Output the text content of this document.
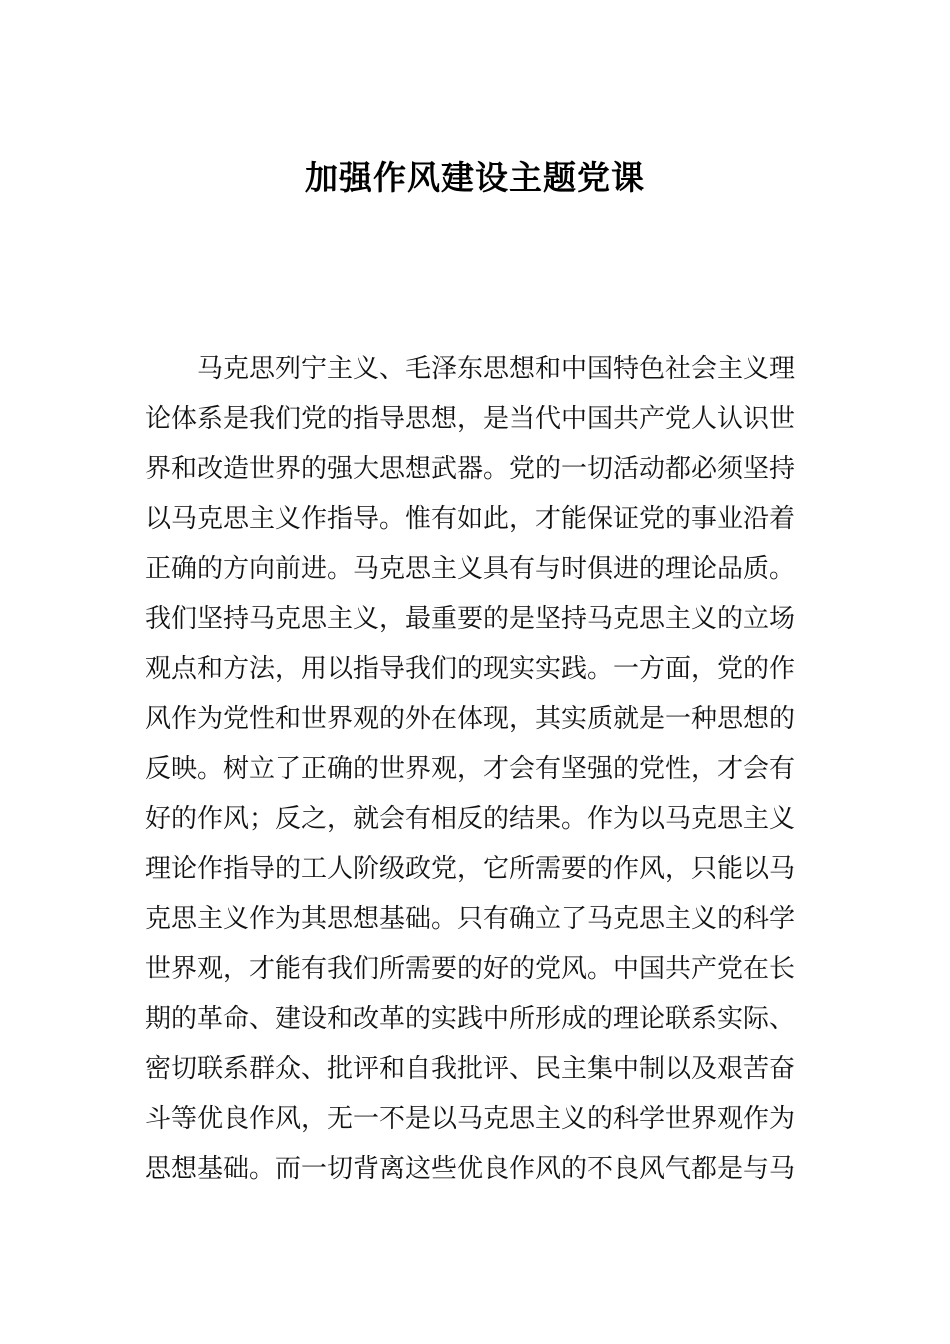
加强作风建设主题党课
马克思列宁主义、毛泽东思想和中国特色社会主义理
论体系是我们党的指导思想，是当代中国共产党人认识世
界和改造世界的强大思想武器。党的一切活动都必须坚持
以马克思主义作指导。惟有如此，才能保证党的事业沿着
正确的方向前进。马克思主义具有与时俱进的理论品质。
我们坚持马克思主义，最重要的是坚持马克思主义的立场
观点和方法，用以指导我们的现实实践。一方面，党的作
风作为党性和世界观的外在体现，其实质就是一种思想的
反映。树立了正确的世界观，才会有坚强的党性，才会有
好的作风；反之，就会有相反的结果。作为以马克思主义
理论作指导的工人阶级政党，它所需要的作风，只能以马
克思主义作为其思想基础。只有确立了马克思主义的科学
世界观，才能有我们所需要的好的党风。中国共产党在长
期的革命、建设和改革的实践中所形成的理论联系实际、
密切联系群众、批评和自我批评、民主集中制以及艰苦奋
斗等优良作风，无一不是以马克思主义的科学世界观作为
思想基础。而一切背离这些优良作风的不良风气都是与马
